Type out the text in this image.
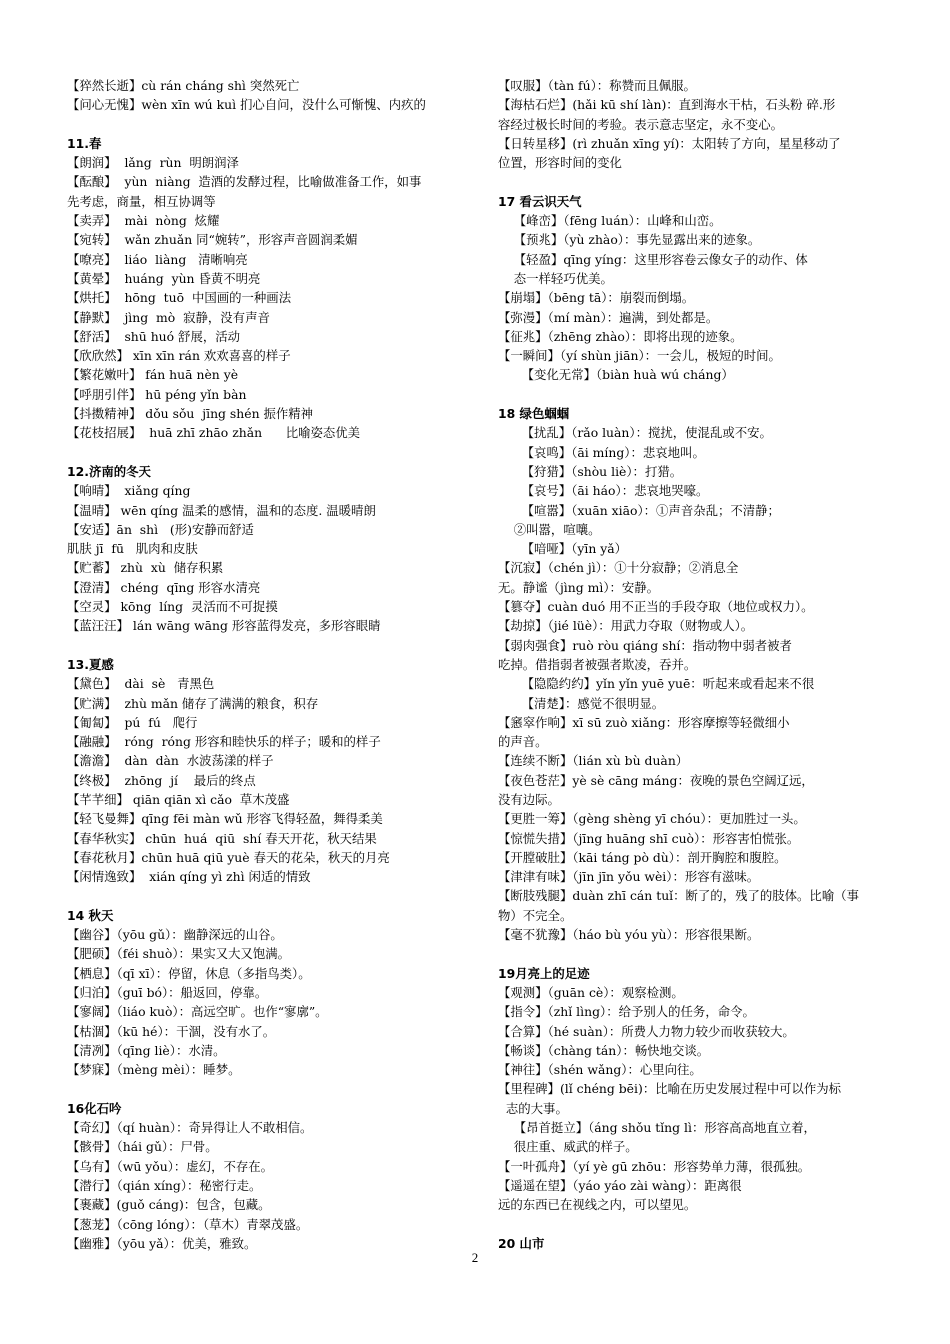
【猝然长逝】cù rán cháng shì 突然死亡
【问心无愧】wèn xīn wú kuì 扪心自问，没什么可惭愧、内疚的
11.春
【朗润】  lǎng  rùn  明朗润泽
【酝酿】  yùn  niàng  造酒的发酵过程，比喻做准备工作，如事
先考虑，商量，相互协调等
【卖弄】  mài  nòng  炫耀
【宛转】  wǎn zhuǎn 同“婉转”，形容声音圆润柔媚
【嘹亮】  liáo  liàng   清晰响亮
【黄晕】  huáng  yùn 昏黄不明亮
【烘托】  hōng  tuō  中国画的一种画法
【静默】  jìng  mò  寂静，没有声音
【舒活】  shū huó 舒展，活动
【欣欣然】 xīn xīn rán 欢欢喜喜的样子
【繁花嫩叶】 fán huā nèn yè
【呼朋引伴】 hū péng yǐn bàn
【抖擞精神】 dǒu sǒu  jīng shén 振作精神
【花枝招展】  huā zhī zhāo zhǎn      比喻姿态优美
12.济南的冬天
【响晴】  xiǎng qíng
【温晴】 wēn qíng 温柔的感情，温和的态度. 温暖晴朗
【安适】ān  shì   (形)安静而舒适
肌肤 jī  fū   肌肉和皮肤
【贮蓄】 zhù  xù  储存积累
【澄清】 chéng  qīng 形容水清亮
【空灵】 kōng  líng  灵活而不可捉摸
【蓝汪汪】 lán wāng wāng 形容蓝得发亮，多形容眼睛
13.夏感
【黛色】  dài  sè   青黑色
【贮满】  zhù mǎn 储存了满满的粮食，积存
【匍匐】  pú  fú   爬行
【融融】  róng  róng 形容和睦快乐的样子；暖和的样子
【澹澹】  dàn  dàn  水波荡漾的样子
【终极】  zhōng  jí    最后的终点
【芊芊细】 qiān qiān xì cǎo  草木茂盛
【轻飞曼舞】qīng fēi màn wǔ 形容飞得轻盈，舞得柔美
【春华秋实】 chūn  huá  qiū  shí 春天开花，秋天结果
【春花秋月】chūn huā qiū yuè 春天的花朵，秋天的月亮
【闲情逸致】  xián qíng yì zhì 闲适的情致
14 秋天
【幽谷】（yōu gǔ）：幽静深远的山谷。
【肥硕】（féi shuò）：果实又大又饱满。
【栖息】（qī xī）：停留，休息（多指鸟类）。
【归泊】（guī bó）：船返回，停靠。
【寥阔】（liáo kuò）：高远空旷。也作“寥廓”。
【枯涸】（kū hé）：干涸，没有水了。
【清冽】（qīng liè）：水清。
【梦寐】（mèng mèi）：睡梦。
16化石吟
【奇幻】（qí huàn）：奇异得让人不敢相信。
【骸骨】（hái gǔ）：尸骨。
【乌有】（wū yǒu）：虚幻，不存在。
【潜行】（qián xíng）：秘密行走。
【裹藏】(guǒ cáng)：包含，包藏。
【葱茏】（cōng lóng）：（草木）青翠茂盛。
【幽雅】（yōu yǎ）：优美，雅致。
【叹服】（tàn fú）：称赞而且佩服。
【海枯石烂】(hǎi kū shí làn)：直到海水干枯，石头粉 碎.形
容经过极长时间的考验。表示意志坚定，永不变心。
【日转星移】(rì zhuǎn xīng yí)：太阳转了方向，星星移动了
位置，形容时间的变化
17 看云识天气
【峰峦】（fēng luán）：山峰和山峦。
【预兆】（yù zhào）：事先显露出来的迹象。
【轻盈】qīng yíng：这里形容卷云像女子的动作、体
态一样轻巧优美。
【崩塌】（bēng tā）：崩裂而倒塌。
【弥漫】（mí màn）：遍满，到处都是。
【征兆】（zhēng zhào）：即将出现的迹象。
【一瞬间】（yí shùn jiān）：一会儿，极短的时间。
【变化无常】（biàn huà wú cháng）
18 绿色蝈蝈
【扰乱】（rǎo luàn）：搅扰，使混乱或不安。
【哀鸣】（āi míng）：悲哀地叫。
【狩猎】（shòu liè）：打猎。
【哀号】（āi háo）：悲哀地哭嚎。
【喧嚣】（xuān xiāo）：①声音杂乱；不清静；
②叫嚣，喧嚷。
【喑哑】（yīn yǎ）
【沉寂】（chén jì）：①十分寂静；②消息全
无。静谧（jìng mì）：安静。
【篡夺】cuàn duó 用不正当的手段夺取（地位或权力）。
【劫掠】（jié lüè）：用武力夺取（财物或人）。
【弱肉强食】ruò ròu qiáng shí：指动物中弱者被者
吃掉。借指弱者被强者欺凌，吞并。
【隐隐约约】yǐn yǐn yuē yuē：听起来或看起来不很
【清楚】：感觉不很明显。
【窸窣作响】xī sū zuò xiǎng：形容摩擦等轻微细小
的声音。
【连续不断】（lián xù bù duàn）
【夜色苍茫】yè sè cāng máng：夜晚的景色空阔辽远，
没有边际。
【更胜一筹】（gèng shèng yī chóu）：更加胜过一头。
【惊慌失措】（jīng huāng shī cuò）：形容害怕慌张。
【开膛破肚】（kāi táng pò dù）：剖开胸腔和腹腔。
【津津有味】（jīn jīn yǒu wèi）：形容有滋味。
【断肢残腿】duàn zhī cán tuǐ：断了的，残了的肢体。比喻（事
物）不完全。
【毫不犹豫】（háo bù yóu yù）：形容很果断。
19月亮上的足迹
【观测】（guān cè）：观察检测。
【指令】（zhǐ lìng）：给予别人的任务，命令。
【合算】（hé suàn）：所费人力物力较少而收获较大。
【畅谈】（chàng tán）：畅快地交谈。
【神往】（shén wǎng）：心里向往。
【里程碑】(lǐ chéng bēi)：比喻在历史发展过程中可以作为标
志的大事。
【昂首挺立】（áng shǒu tǐng lì：形容高高地直立着，
很庄重、威武的样子。
【一叶孤舟】（yí yè gū zhōu：形容势单力薄，很孤独。
【遥遥在望】（yáo yáo zài wàng）：距离很
远的东西已在视线之内，可以望见。
20 山市
2
